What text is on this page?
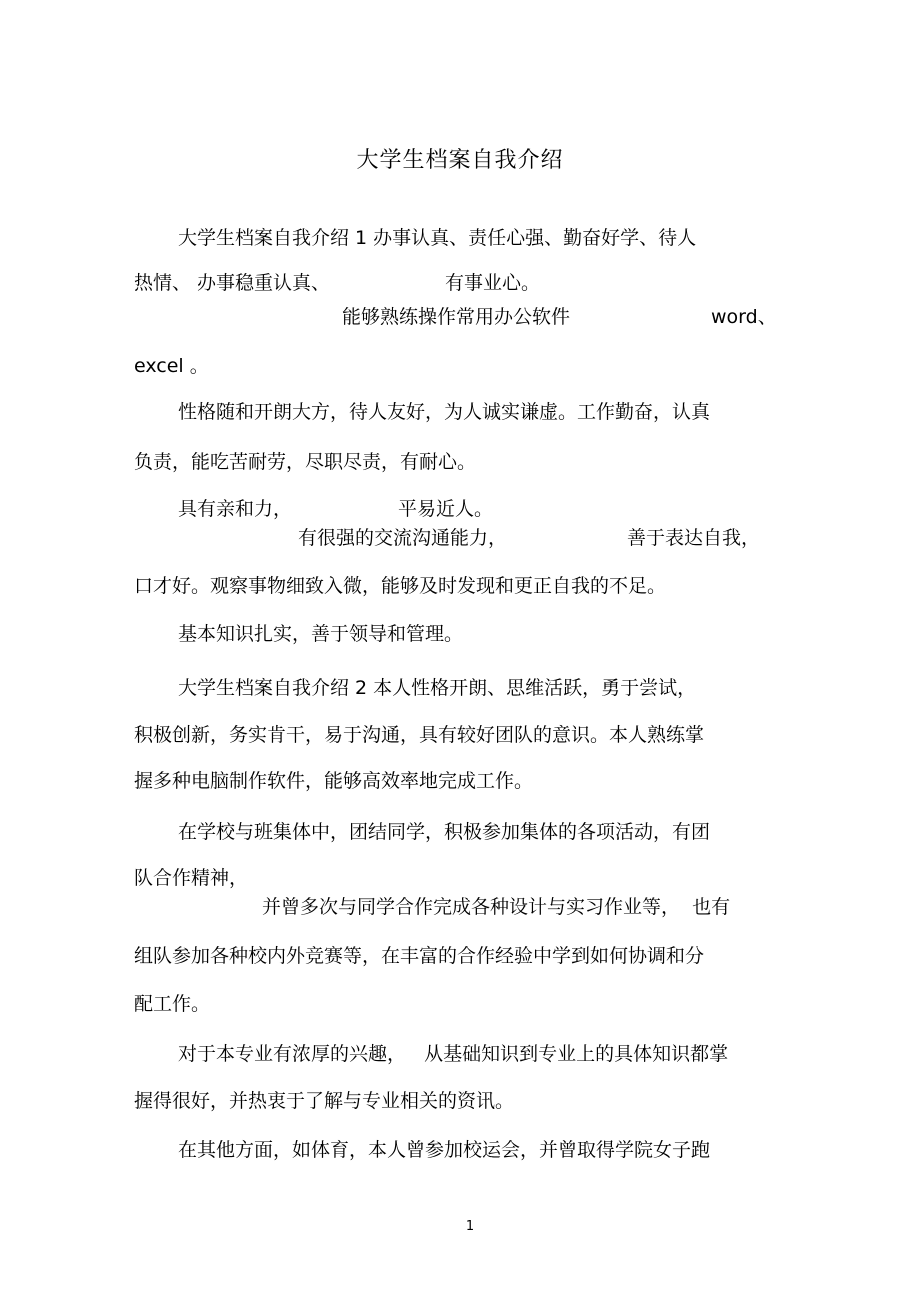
大学生档案自我介绍
大学生档案自我介绍 1 办事认真、责任心强、勤奋好学、待人
热情、 办事稳重认真、	有事业心。
能够熟练操作常用办公软件	word、
excel 。
性格随和开朗大方，待人友好，为人诚实谦虚。工作勤奋，认真
负责，能吃苦耐劳，尽职尽责，有耐心。
具有亲和力，	平易近人。
有很强的交流沟通能力，	善于表达自我，
口才好。观察事物细致入微，能够及时发现和更正自我的不足。
基本知识扎实，善于领导和管理。
大学生档案自我介绍 2 本人性格开朗、思维活跃，勇于尝试，
积极创新，务实肯干，易于沟通，具有较好团队的意识。本人熟练掌
握多种电脑制作软件，能够高效率地完成工作。
在学校与班集体中，团结同学，积极参加集体的各项活动，有团
队合作精神，
并曾多次与同学合作完成各种设计与实习作业等，  也有
组队参加各种校内外竞赛等，在丰富的合作经验中学到如何协调和分
配工作。
对于本专业有浓厚的兴趣，   从基础知识到专业上的具体知识都掌
握得很好，并热衷于了解与专业相关的资讯。
在其他方面，如体育，本人曾参加校运会，并曾取得学院女子跑
1
